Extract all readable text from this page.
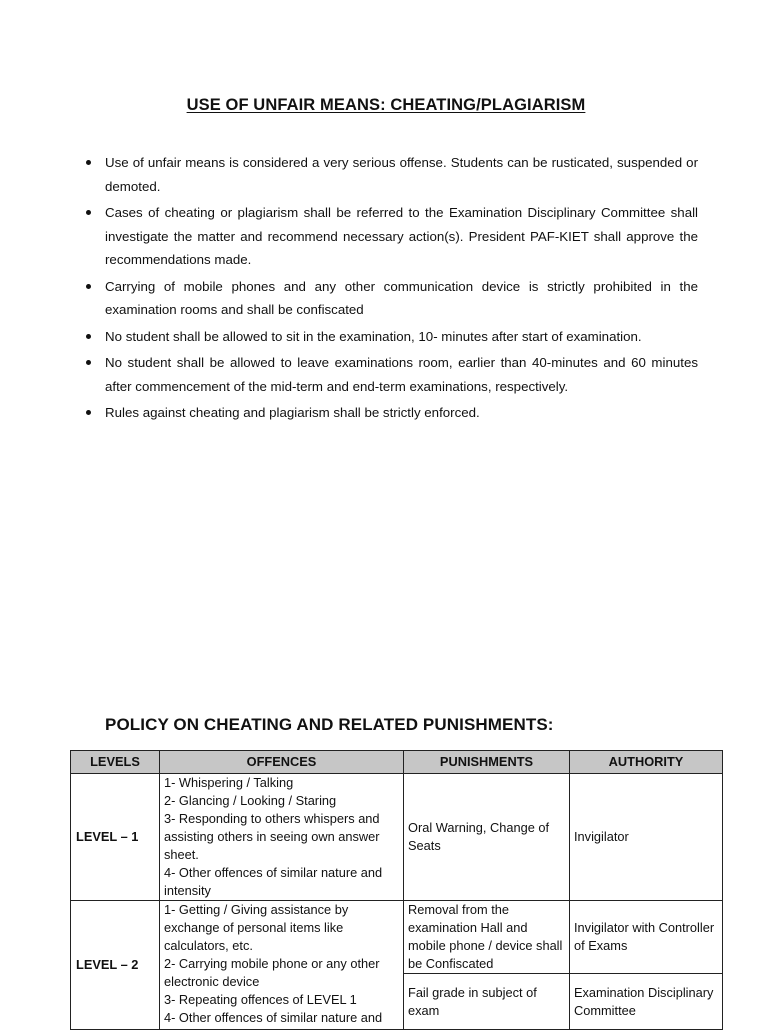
USE OF UNFAIR MEANS: CHEATING/PLAGIARISM
Use of unfair means is considered a very serious offense. Students can be rusticated, suspended or demoted.
Cases of cheating or plagiarism shall be referred to the Examination Disciplinary Committee shall investigate the matter and recommend necessary action(s). President PAF-KIET shall approve the recommendations made.
Carrying of mobile phones and any other communication device is strictly prohibited in the examination rooms and shall be confiscated
No student shall be allowed to sit in the examination, 10- minutes after start of examination.
No student shall be allowed to leave examinations room, earlier than 40-minutes and 60 minutes after commencement of the mid-term and end-term examinations, respectively.
Rules against cheating and plagiarism shall be strictly enforced.
POLICY ON CHEATING AND RELATED PUNISHMENTS:
LEVELS	OFFENCES	PUNISHMENTS	AUTHORITY
LEVEL – 1	1- Whispering / Talking
2- Glancing / Looking / Staring
3- Responding to others whispers and assisting others in seeing own answer sheet.
4- Other offences of similar nature and intensity	Oral Warning, Change of Seats	Invigilator
LEVEL – 2	1- Getting / Giving assistance by exchange of personal items like calculators, etc.
2- Carrying mobile phone or any other electronic device
3- Repeating offences of LEVEL 1
4- Other offences of similar nature and	Removal from the examination Hall and mobile phone / device shall be Confiscated	Invigilator with Controller of Exams
		Fail grade in subject of exam	Examination Disciplinary Committee
